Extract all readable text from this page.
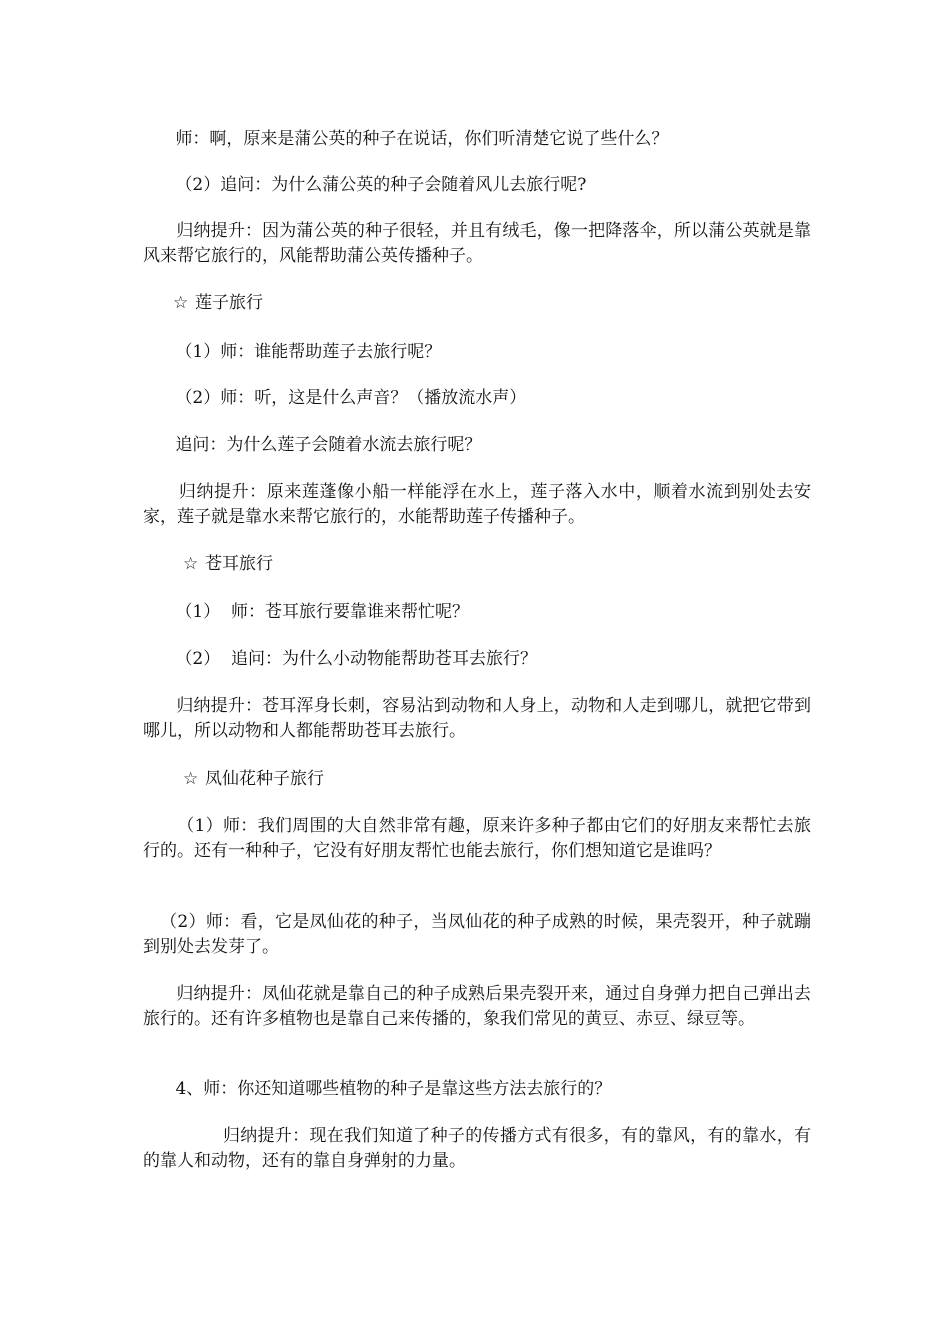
师：啊，原来是蒲公英的种子在说话，你们听清楚它说了些什么？

（2）追问：为什么蒲公英的种子会随着风儿去旅行呢?

归纳提升：因为蒲公英的种子很轻，并且有绒毛，像一把降落伞，所以蒲公英就是靠风来帮它旅行的，风能帮助蒲公英传播种子。

☆ 莲子旅行

（1）师：谁能帮助莲子去旅行呢？

（2）师：听，这是什么声音？（播放流水声）

追问：为什么莲子会随着水流去旅行呢？

归纳提升：原来莲蓬像小船一样能浮在水上，莲子落入水中，顺着水流到别处去安家，莲子就是靠水来帮它旅行的，水能帮助莲子传播种子。

☆ 苍耳旅行

（1）  师：苍耳旅行要靠谁来帮忙呢？

（2）  追问：为什么小动物能帮助苍耳去旅行？

归纳提升：苍耳浑身长刺，容易沾到动物和人身上，动物和人走到哪儿，就把它带到哪儿，所以动物和人都能帮助苍耳去旅行。

☆ 凤仙花种子旅行

（1）师：我们周围的大自然非常有趣，原来许多种子都由它们的好朋友来帮忙去旅行的。还有一种种子，它没有好朋友帮忙也能去旅行，你们想知道它是谁吗？

（2）师：看，它是凤仙花的种子，当凤仙花的种子成熟的时候，果壳裂开，种子就蹦到别处去发芽了。

归纳提升：凤仙花就是靠自己的种子成熟后果壳裂开来，通过自身弹力把自己弹出去旅行的。还有许多植物也是靠自己来传播的，象我们常见的黄豆、赤豆、绿豆等。

4、师：你还知道哪些植物的种子是靠这些方法去旅行的？

归纳提升：现在我们知道了种子的传播方式有很多，有的靠风，有的靠水，有的靠人和动物，还有的靠自身弹射的力量。
